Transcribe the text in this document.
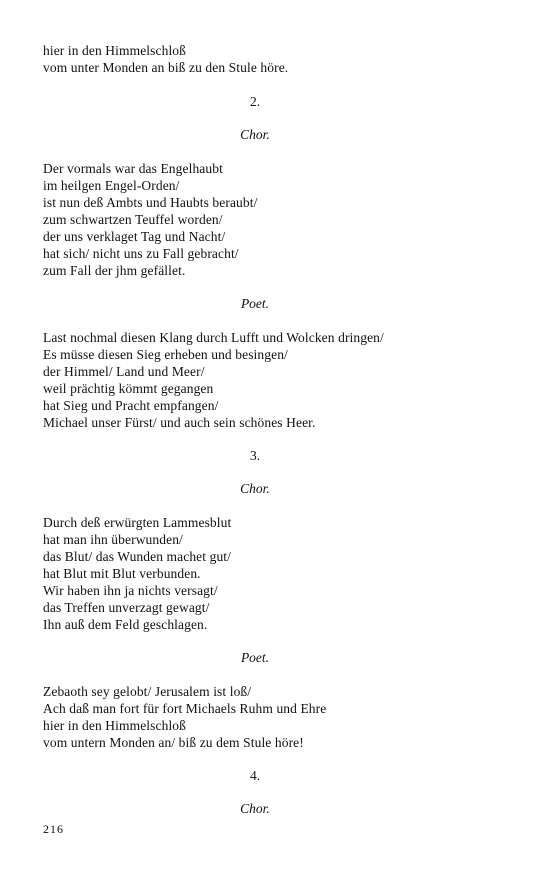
hier in den Himmelschloß
vom unter Monden an biß zu den Stule höre.
2.
Chor.
Der vormals war das Engelhaubt
im heilgen Engel-Orden/
ist nun deß Ambts und Haubts beraubt/
zum schwartzen Teuffel worden/
der uns verklaget Tag und Nacht/
hat sich/ nicht uns zu Fall gebracht/
zum Fall der jhm gefället.
Poet.
Last nochmal diesen Klang durch Lufft und Wolcken dringen/
Es müsse diesen Sieg erheben und besingen/
der Himmel/ Land und Meer/
weil prächtig kömmt gegangen
hat Sieg und Pracht empfangen/
Michael unser Fürst/ und auch sein schönes Heer.
3.
Chor.
Durch deß erwürgten Lammesblut
hat man ihn überwunden/
das Blut/ das Wunden machet gut/
hat Blut mit Blut verbunden.
Wir haben ihn ja nichts versagt/
das Treffen unverzagt gewagt/
Ihn auß dem Feld geschlagen.
Poet.
Zebaoth sey gelobt/ Jerusalem ist loß/
Ach daß man fort für fort Michaels Ruhm und Ehre
hier in den Himmelschloß
vom untern Monden an/ biß zu dem Stule höre!
4.
Chor.
216
